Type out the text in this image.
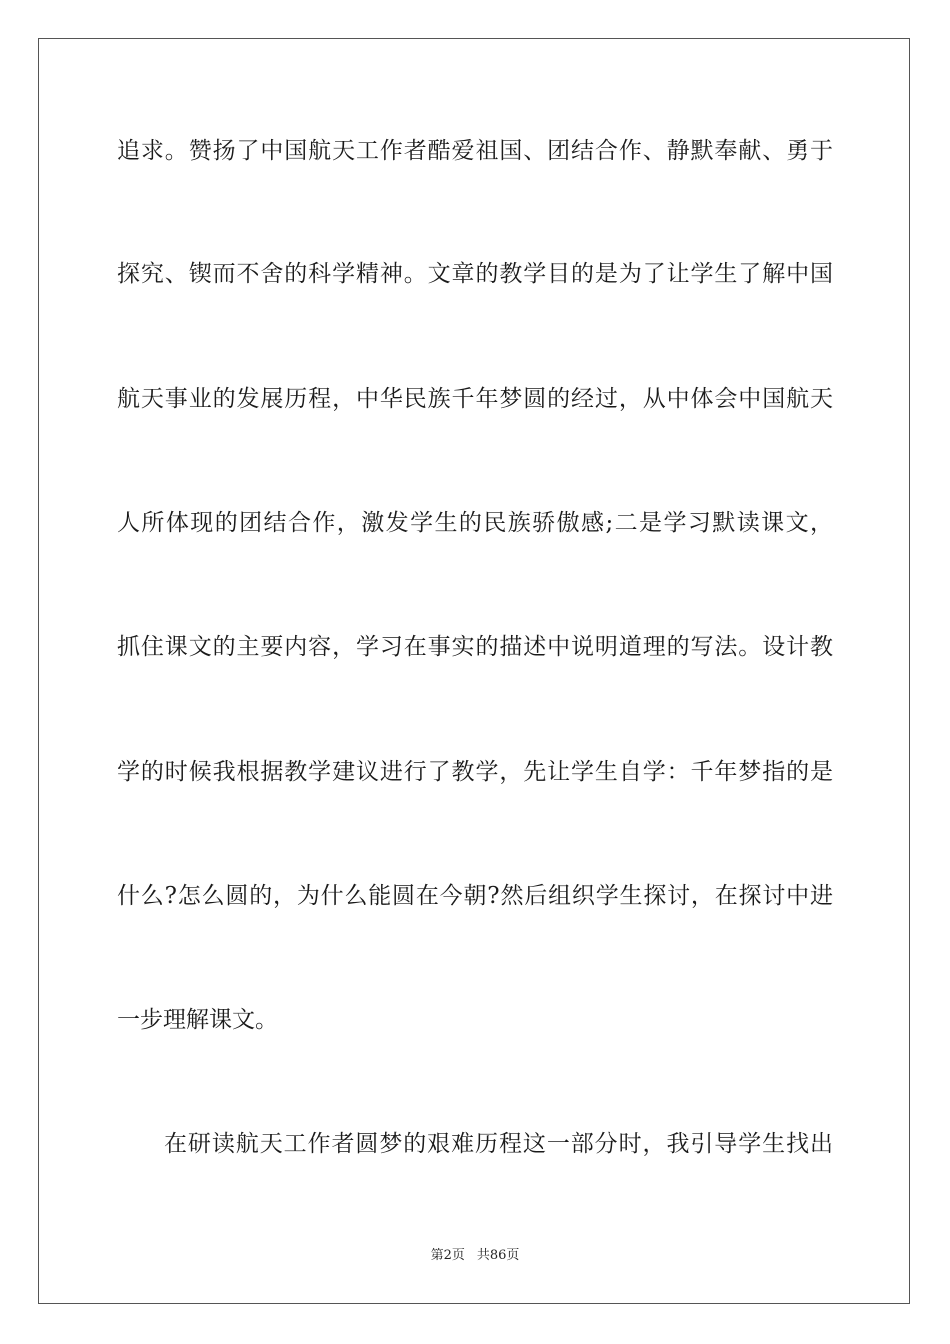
追求。赞扬了中国航天工作者酷爱祖国、团结合作、静默奉献、勇于
探究、锲而不舍的科学精神。文章的教学目的是为了让学生了解中国
航天事业的发展历程，中华民族千年梦圆的经过，从中体会中国航天
人所体现的团结合作，激发学生的民族骄傲感;二是学习默读课文，
抓住课文的主要内容，学习在事实的描述中说明道理的写法。设计教
学的时候我根据教学建议进行了教学，先让学生自学：千年梦指的是
什么?怎么圆的，为什么能圆在今朝?然后组织学生探讨，在探讨中进
一步理解课文。
在研读航天工作者圆梦的艰难历程这一部分时，我引导学生找出
第2页 共86页
